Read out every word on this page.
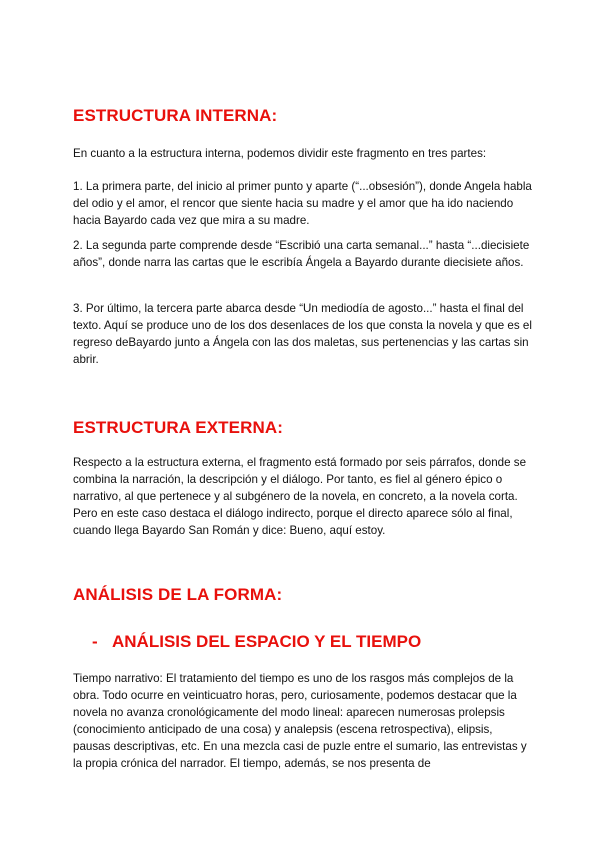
ESTRUCTURA INTERNA:

En cuanto a la estructura interna, podemos dividir este fragmento en tres partes:

1. La primera parte, del inicio al primer punto y aparte (“...obsesión”), donde Angela habla del odio y el amor, el rencor que siente hacia su madre y el amor que ha ido naciendo hacia Bayardo cada vez que mira a su madre.

2. La segunda parte comprende desde “Escribió una carta semanal...” hasta “...diecisiete años”, donde narra las cartas que le escribía Ángela a Bayardo durante diecisiete años.

3. Por último, la tercera parte abarca desde “Un mediodía de agosto...” hasta el final del texto. Aquí se produce uno de los dos desenlaces de los que consta la novela y que es el regreso deBayardo junto a Ángela con las dos maletas, sus pertenencias y las cartas sin abrir.

ESTRUCTURA EXTERNA:

Respecto a la estructura externa, el fragmento está formado por seis párrafos, donde se combina la narración, la descripción y el diálogo. Por tanto, es fiel al género épico o narrativo, al que pertenece y al subgénero de la novela, en concreto, a la novela corta. Pero en este caso destaca el diálogo indirecto, porque el directo aparece sólo al final, cuando llega Bayardo San Román y dice: Bueno, aquí estoy.

ANÁLISIS DE LA FORMA:
- ANÁLISIS DEL ESPACIO Y EL TIEMPO

Tiempo narrativo: El tratamiento del tiempo es uno de los rasgos más complejos de la obra. Todo ocurre en veinticuatro horas, pero, curiosamente, podemos destacar que la novela no avanza cronológicamente del modo lineal: aparecen numerosas prolepsis (conocimiento anticipado de una cosa) y analepsis (escena retrospectiva), elipsis, pausas descriptivas, etc. En una mezcla casi de puzle entre el sumario, las entrevistas y la propia crónica del narrador. El tiempo, además, se nos presenta de
